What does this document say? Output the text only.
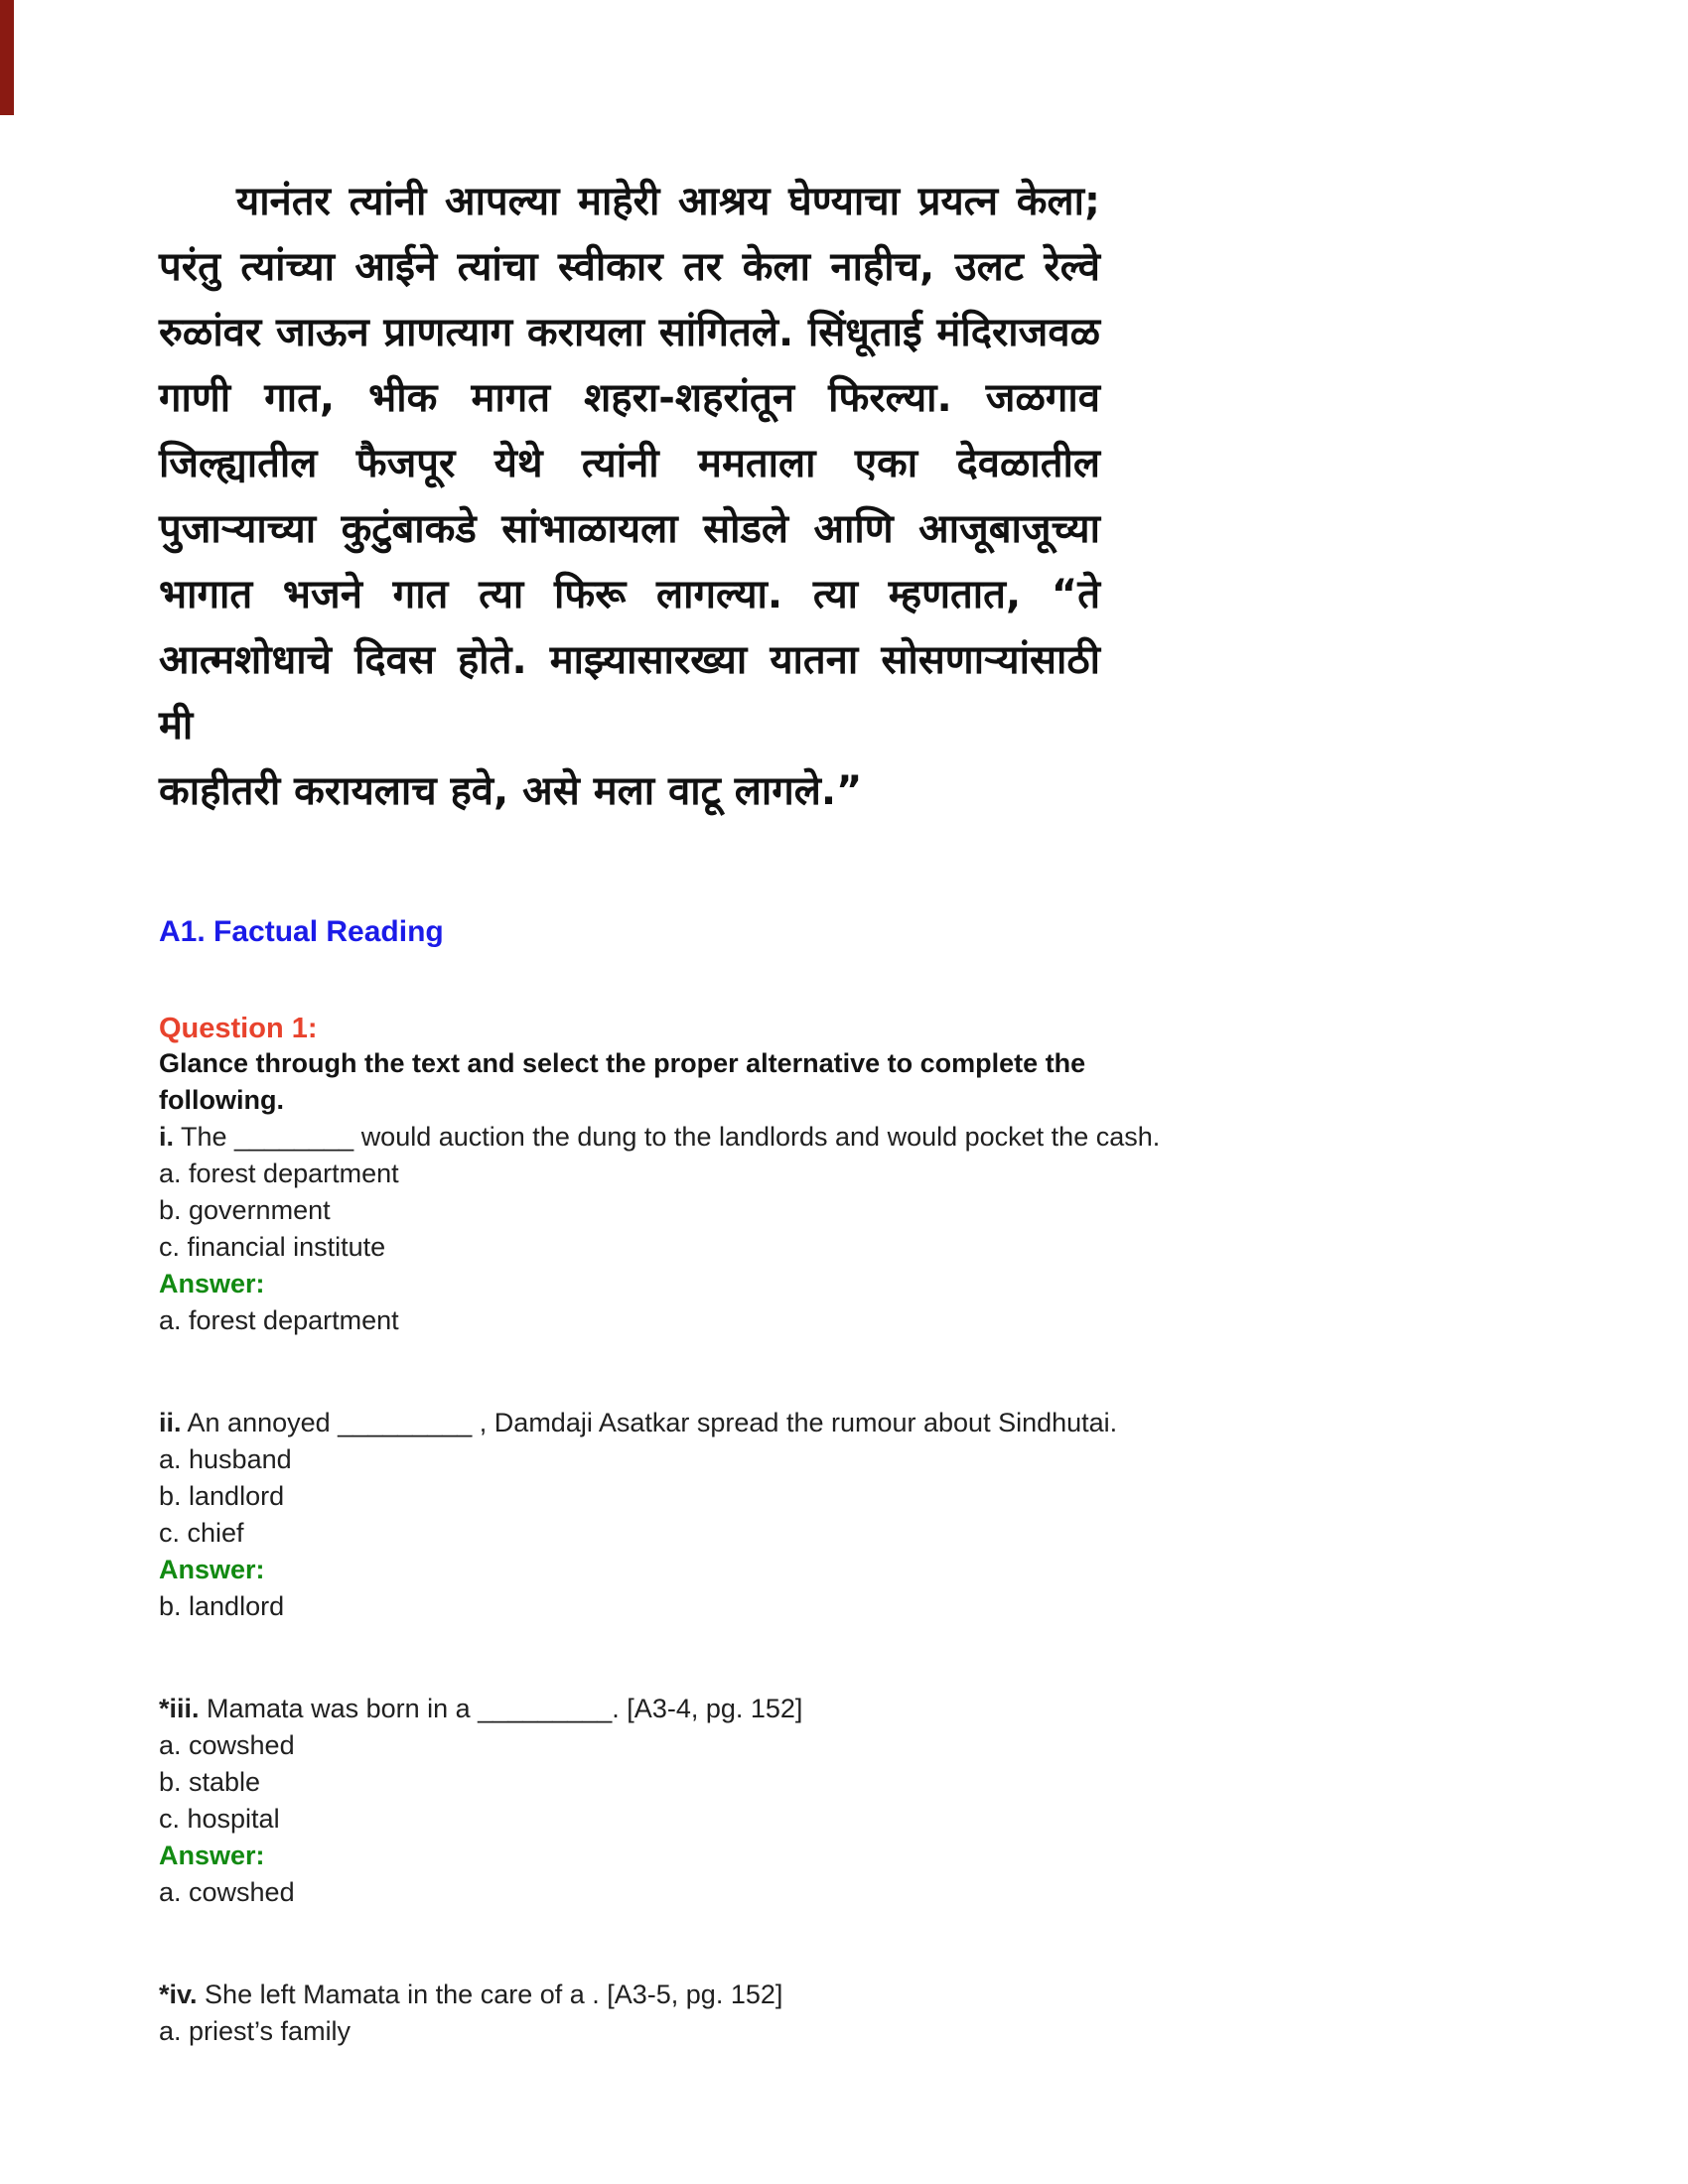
यानंतर त्यांनी आपल्या माहेरी आश्रय घेण्याचा प्रयत्न केला;
परंतु त्यांच्या आईने त्यांचा स्वीकार तर केला नाहीच, उलट रेल्वे
रुळांवर जाऊन प्राणत्याग करायला सांगितले. सिंधूताई मंदिराजवळ
गाणी गात, भीक मागत शहरा-शहरांतून फिरल्या. जळगाव
जिल्ह्यातील फैजपूर येथे त्यांनी ममताला एका देवळातील
पुजाऱ्याच्या कुटुंबाकडे सांभाळायला सोडले आणि आजूबाजूच्या
भागात भजने गात त्या फिरू लागल्या. त्या म्हणतात, “ते
आत्मशोधाचे दिवस होते. माझ्यासारख्या यातना सोसणाऱ्यांसाठी मी
काहीतरी करायलाच हवे, असे मला वाटू लागले.”
A1. Factual Reading
Question 1:
Glance through the text and select the proper alternative to complete the following.
i. The ________ would auction the dung to the landlords and would pocket the cash.
a. forest department
b. government
c. financial institute
Answer:
a. forest department
ii. An annoyed _________ , Damdaji Asatkar spread the rumour about Sindhutai.
a. husband
b. landlord
c. chief
Answer:
b. landlord
*iii. Mamata was born in a _________. [A3-4, pg. 152]
a. cowshed
b. stable
c. hospital
Answer:
a. cowshed
*iv. She left Mamata in the care of a . [A3-5, pg. 152]
a. priest’s family
